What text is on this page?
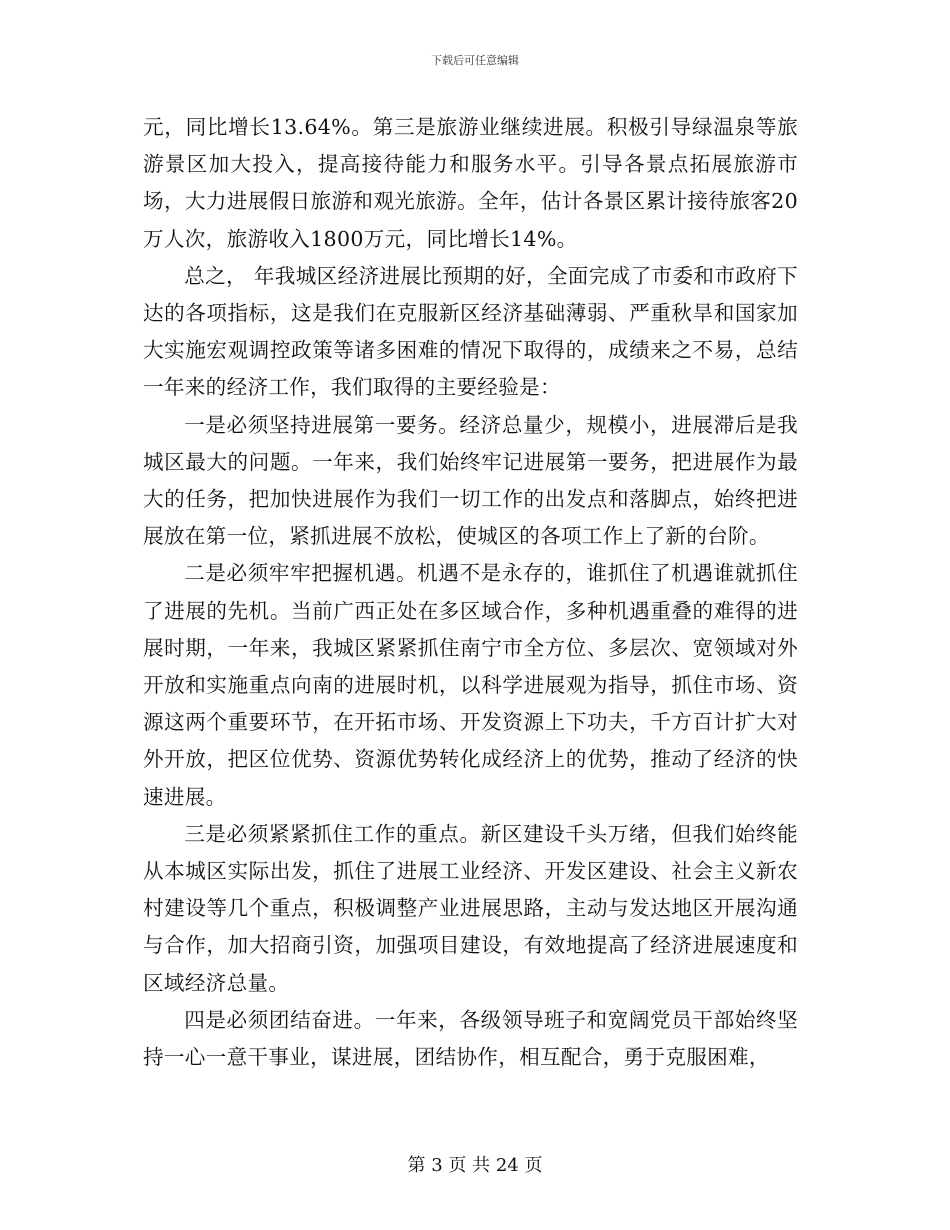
下载后可任意编辑

元，同比增长13.64%。第三是旅游业继续进展。积极引导绿温泉等旅游景区加大投入，提高接待能力和服务水平。引导各景点拓展旅游市场，大力进展假日旅游和观光旅游。全年，估计各景区累计接待旅客20万人次，旅游收入1800万元，同比增长14%。

总之， 年我城区经济进展比预期的好，全面完成了市委和市政府下达的各项指标，这是我们在克服新区经济基础薄弱、严重秋旱和国家加大实施宏观调控政策等诸多困难的情况下取得的，成绩来之不易，总结一年来的经济工作，我们取得的主要经验是：

一是必须坚持进展第一要务。经济总量少，规模小，进展滞后是我城区最大的问题。一年来，我们始终牢记进展第一要务，把进展作为最大的任务，把加快进展作为我们一切工作的出发点和落脚点，始终把进展放在第一位，紧抓进展不放松，使城区的各项工作上了新的台阶。

二是必须牢牢把握机遇。机遇不是永存的，谁抓住了机遇谁就抓住了进展的先机。当前广西正处在多区域合作，多种机遇重叠的难得的进展时期，一年来，我城区紧紧抓住南宁市全方位、多层次、宽领域对外开放和实施重点向南的进展时机，以科学进展观为指导，抓住市场、资源这两个重要环节，在开拓市场、开发资源上下功夫，千方百计扩大对外开放，把区位优势、资源优势转化成经济上的优势，推动了经济的快速进展。

三是必须紧紧抓住工作的重点。新区建设千头万绪，但我们始终能从本城区实际出发，抓住了进展工业经济、开发区建设、社会主义新农村建设等几个重点，积极调整产业进展思路，主动与发达地区开展沟通与合作，加大招商引资，加强项目建设，有效地提高了经济进展速度和区域经济总量。

四是必须团结奋进。一年来，各级领导班子和宽阔党员干部始终坚持一心一意干事业，谋进展，团结协作，相互配合，勇于克服困难，

第 3 页 共 24 页
